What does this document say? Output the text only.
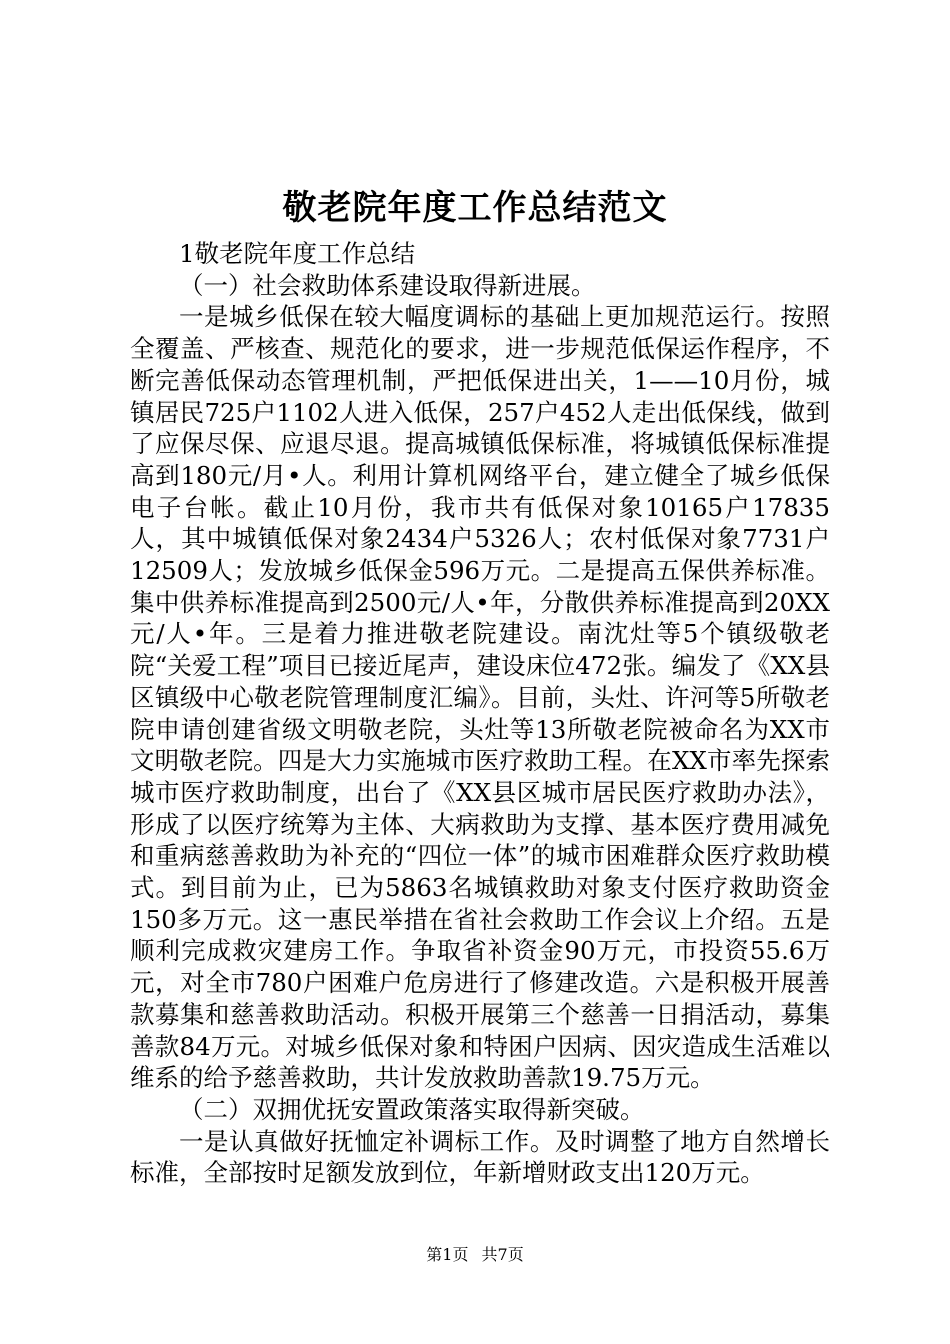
敬老院年度工作总结范文

1敬老院年度工作总结

（一）社会救助体系建设取得新进展。

一是城乡低保在较大幅度调标的基础上更加规范运行。按照全覆盖、严核查、规范化的要求，进一步规范低保运作程序，不断完善低保动态管理机制，严把低保进出关，1——10月份，城镇居民725户1102人进入低保，257户452人走出低保线，做到了应保尽保、应退尽退。提高城镇低保标准，将城镇低保标准提高到180元/月•人。利用计算机网络平台，建立健全了城乡低保电子台帐。截止10月份，我市共有低保对象10165户17835人，其中城镇低保对象2434户5326人；农村低保对象7731户12509人；发放城乡低保金596万元。二是提高五保供养标准。集中供养标准提高到2500元/人•年，分散供养标准提高到20XX元/人•年。三是着力推进敬老院建设。南沈灶等5个镇级敬老院“关爱工程”项目已接近尾声，建设床位472张。编发了《XX县区镇级中心敬老院管理制度汇编》。目前，头灶、许河等5所敬老院申请创建省级文明敬老院，头灶等13所敬老院被命名为XX市文明敬老院。四是大力实施城市医疗救助工程。在XX市率先探索城市医疗救助制度，出台了《XX县区城市居民医疗救助办法》，形成了以医疗统筹为主体、大病救助为支撑、基本医疗费用减免和重病慈善救助为补充的“四位一体”的城市困难群众医疗救助模式。到目前为止，已为5863名城镇救助对象支付医疗救助资金150多万元。这一惠民举措在省社会救助工作会议上介绍。五是顺利完成救灾建房工作。争取省补资金90万元，市投资55.6万元，对全市780户困难户危房进行了修建改造。六是积极开展善款募集和慈善救助活动。积极开展第三个慈善一日捐活动，募集善款84万元。对城乡低保对象和特困户因病、因灾造成生活难以维系的给予慈善救助，共计发放救助善款19.75万元。

（二）双拥优抚安置政策落实取得新突破。

一是认真做好抚恤定补调标工作。及时调整了地方自然增长标准，全部按时足额发放到位，年新增财政支出120万元。

第1页 共7页
